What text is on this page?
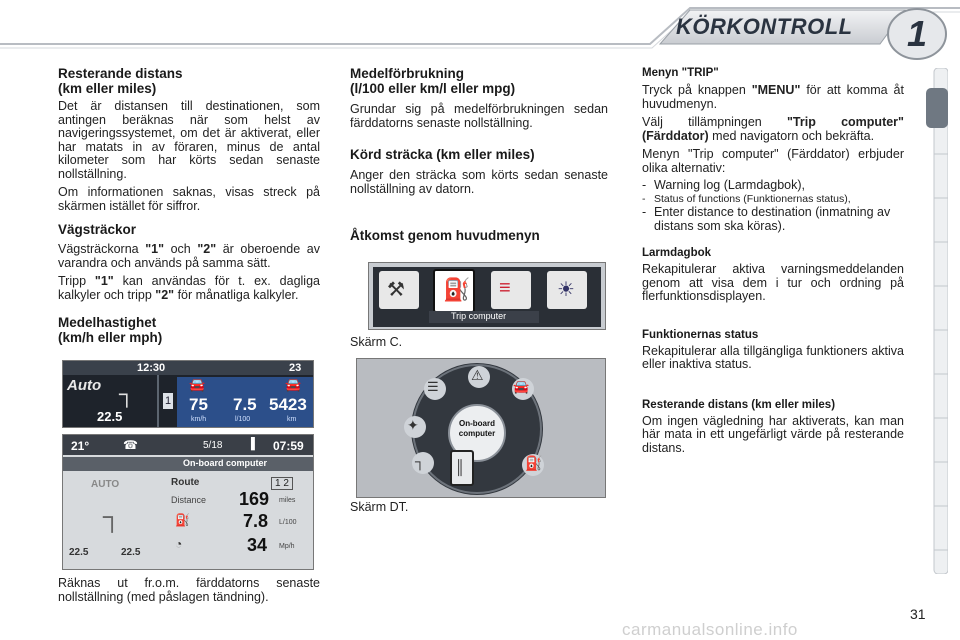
KÖRKONTROLL	1
Resterande distans
(km eller miles)

Det är distansen till destinationen, som antingen beräknas när som helst av navigeringssystemet, om det är aktiverat, eller har matats in av föraren, minus de antal kilometer som har körts sedan senaste nollställning.

Om informationen saknas, visas streck på skärmen istället för siffror.

Vägsträckor

Vägsträckorna "1" och "2" är oberoende av varandra och används på samma sätt.

Tripp "1" kan användas för t. ex. dagliga kalkyler och tripp "2" för månatliga kalkyler.

Medelhastighet
(km/h eller mph)
Räknas ut fr.o.m. färddatorns senaste nollställning (med påslagen tändning).
12:30	23
Auto ┐
22.5
1
🚘	🚘
75 7.5 5423
km/h	l/100	km
21°	☎	5/18 ▐ 07:59
On-board computer
AUTO	Route	1 2
Distance 169 miles
⛽	7.8 L/100
◔	34 Mp/h
┐
22.5	22.5
Medelförbrukning
(l/100 eller km/l eller mpg)

Grundar sig på medelförbrukningen sedan färddatorns senaste nollställning.

Körd sträcka (km eller miles)

Anger den sträcka som körts sedan senaste nollställning av datorn.

Åtkomst genom huvudmenyn
⚒ ⛽ ≡ ☀
Trip computer
Skärm C.
☰
⚠
🚘
✦
┐ ║	⛽
On-board
computer
Skärm DT.
Menyn "TRIP"

Tryck på knappen "MENU" för att komma åt huvudmenyn.

Välj tillämpningen "Trip computer" (Färddator) med navigatorn och bekräfta.

Menyn "Trip computer" (Färddator) erbjuder olika alternativ:

- Warning log (Larmdagbok),
- Status of functions (Funktionernas status),
- Enter distance to destination (inmatning av distans som ska köras).
Larmdagbok

Rekapitulerar aktiva varningsmeddelanden genom att visa dem i tur och ordning på flerfunktionsdisplayen.

Funktionernas status

Rekapitulerar alla tillgängliga funktioners aktiva eller inaktiva status.

Resterande distans (km eller miles)

Om ingen vägledning har aktiverats, kan man här mata in ett ungefärligt värde på resterande distans.

31
carmanualsonline.info
